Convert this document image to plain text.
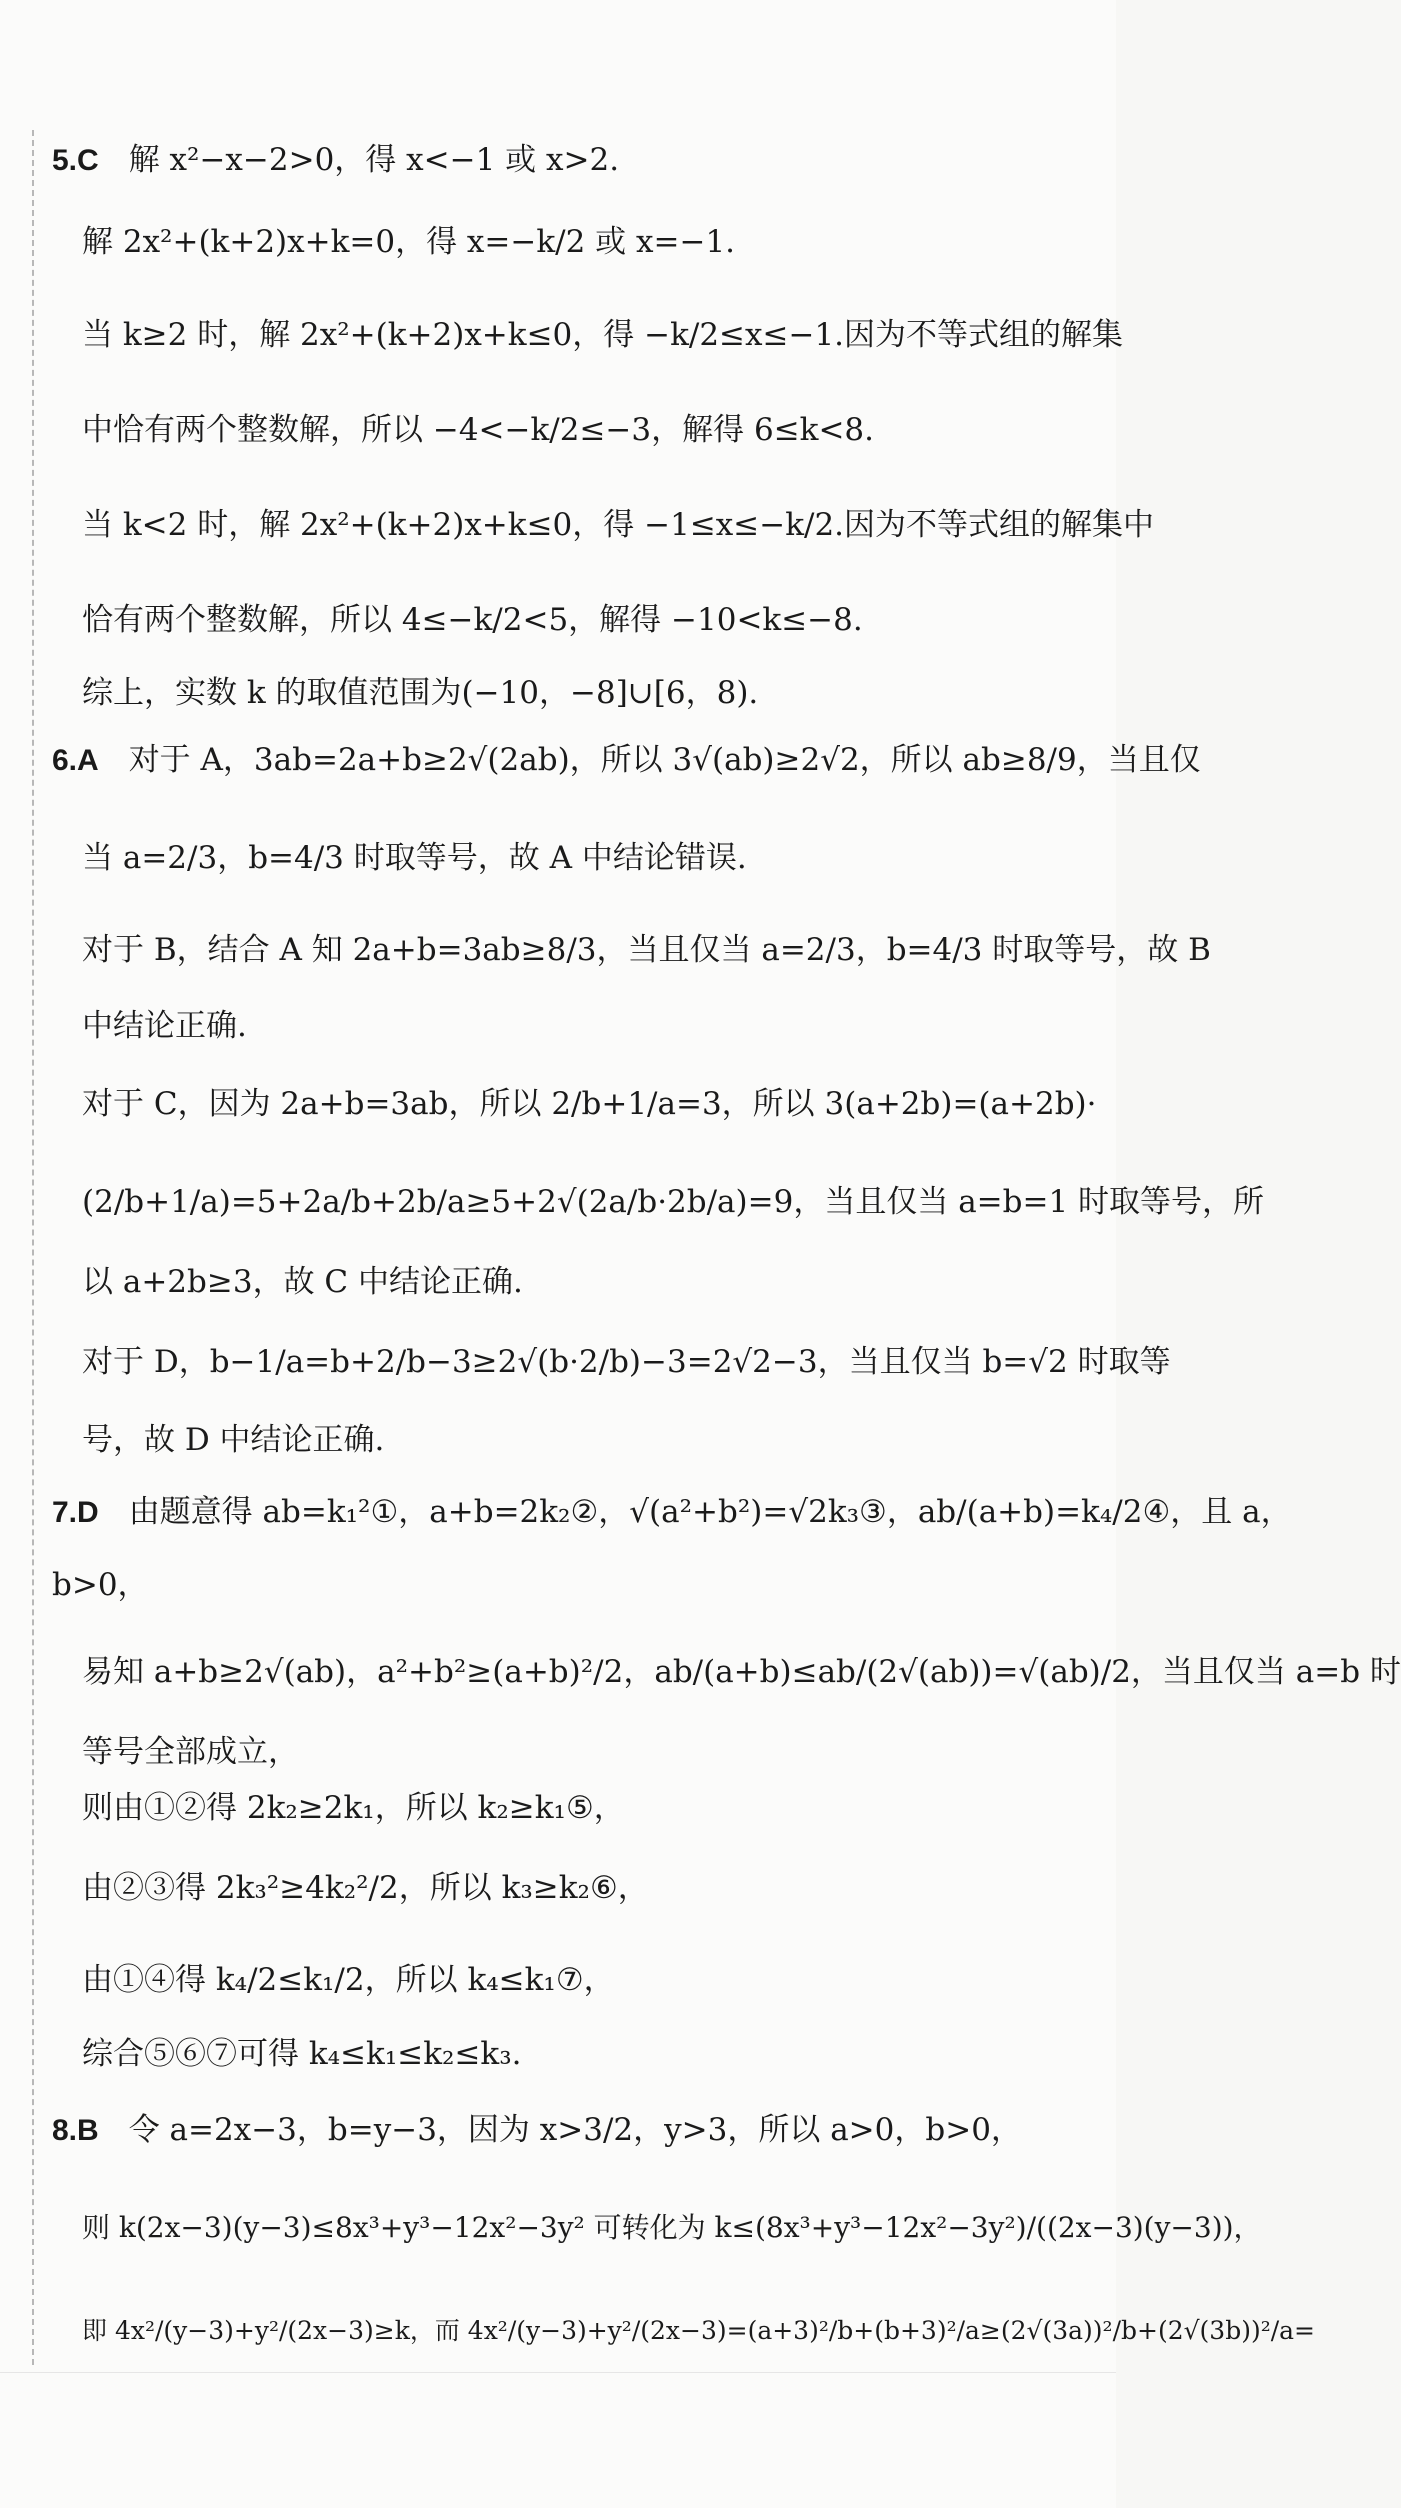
5.C 解 x²−x−2>0，得 x<−1 或 x>2.
解 2x²+(k+2)x+k=0，得 x=−k/2 或 x=−1.
当 k≥2 时，解 2x²+(k+2)x+k≤0，得 −k/2≤x≤−1.因为不等式组的解集
中恰有两个整数解，所以 −4<−k/2≤−3，解得 6≤k<8.
当 k<2 时，解 2x²+(k+2)x+k≤0，得 −1≤x≤−k/2.因为不等式组的解集中
恰有两个整数解，所以 4≤−k/2<5，解得 −10<k≤−8.
综上，实数 k 的取值范围为(−10，−8]∪[6，8).
6.A 对于 A，3ab=2a+b≥2√(2ab)，所以 3√(ab)≥2√2，所以 ab≥8/9，当且仅
当 a=2/3，b=4/3 时取等号，故 A 中结论错误.
对于 B，结合 A 知 2a+b=3ab≥8/3，当且仅当 a=2/3，b=4/3 时取等号，故 B
中结论正确.
对于 C，因为 2a+b=3ab，所以 2/b+1/a=3，所以 3(a+2b)=(a+2b)·
(2/b+1/a)=5+2a/b+2b/a≥5+2√(2a/b·2b/a)=9，当且仅当 a=b=1 时取等号，所
以 a+2b≥3，故 C 中结论正确.
对于 D，b−1/a=b+2/b−3≥2√(b·2/b)−3=2√2−3，当且仅当 b=√2 时取等
号，故 D 中结论正确.
7.D 由题意得 ab=k₁²①，a+b=2k₂②，√(a²+b²)=√2k₃③，ab/(a+b)=k₄/2④，且 a，
b>0，
易知 a+b≥2√(ab)，a²+b²≥(a+b)²/2，ab/(a+b)≤ab/(2√(ab))=√(ab)/2，当且仅当 a=b 时
等号全部成立，
则由①②得 2k₂≥2k₁，所以 k₂≥k₁⑤，
由②③得 2k₃²≥4k₂²/2，所以 k₃≥k₂⑥，
由①④得 k₄/2≤k₁/2，所以 k₄≤k₁⑦，
综合⑤⑥⑦可得 k₄≤k₁≤k₂≤k₃.
8.B 令 a=2x−3，b=y−3，因为 x>3/2，y>3，所以 a>0，b>0，
则 k(2x−3)(y−3)≤8x³+y³−12x²−3y² 可转化为 k≤(8x³+y³−12x²−3y²)/((2x−3)(y−3))，
即 4x²/(y−3)+y²/(2x−3)≥k，而 4x²/(y−3)+y²/(2x−3)=(a+3)²/b+(b+3)²/a≥(2√(3a))²/b+(2√(3b))²/a=
